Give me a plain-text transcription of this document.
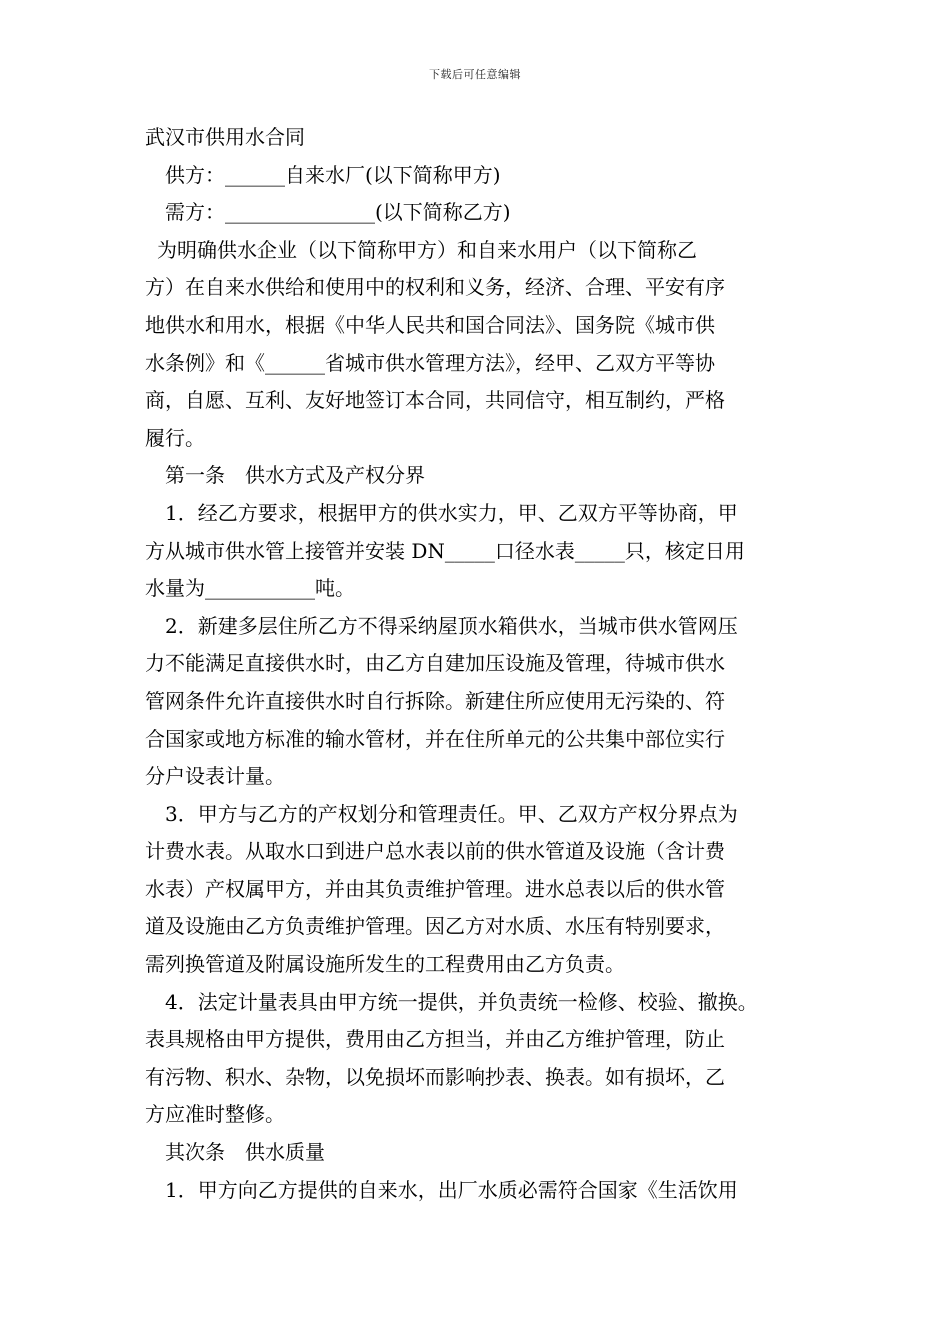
下载后可任意编辑
武汉市供用水合同
供方：______自来水厂(以下简称甲方)
需方：_______________(以下简称乙方)
为明确供水企业（以下简称甲方）和自来水用户（以下简称乙
方）在自来水供给和使用中的权利和义务，经济、合理、平安有序
地供水和用水，根据《中华人民共和国合同法》、国务院《城市供
水条例》和《______省城市供水管理方法》，经甲、乙双方平等协
商，自愿、互利、友好地签订本合同，共同信守，相互制约，严格
履行。
第一条　供水方式及产权分界
1．经乙方要求，根据甲方的供水实力，甲、乙双方平等协商，甲
方从城市供水管上接管并安装 DN_____口径水表_____只，核定日用
水量为___________吨。
2．新建多层住所乙方不得采纳屋顶水箱供水，当城市供水管网压
力不能满足直接供水时，由乙方自建加压设施及管理，待城市供水
管网条件允许直接供水时自行拆除。新建住所应使用无污染的、符
合国家或地方标准的输水管材，并在住所单元的公共集中部位实行
分户设表计量。
3．甲方与乙方的产权划分和管理责任。甲、乙双方产权分界点为
计费水表。从取水口到进户总水表以前的供水管道及设施（含计费
水表）产权属甲方，并由其负责维护管理。进水总表以后的供水管
道及设施由乙方负责维护管理。因乙方对水质、水压有特别要求，
需列换管道及附属设施所发生的工程费用由乙方负责。
4．法定计量表具由甲方统一提供，并负责统一检修、校验、撤换。
表具规格由甲方提供，费用由乙方担当，并由乙方维护管理，防止
有污物、积水、杂物，以免损坏而影响抄表、换表。如有损坏，乙
方应准时整修。
其次条　供水质量
1．甲方向乙方提供的自来水，出厂水质必需符合国家《生活饮用
